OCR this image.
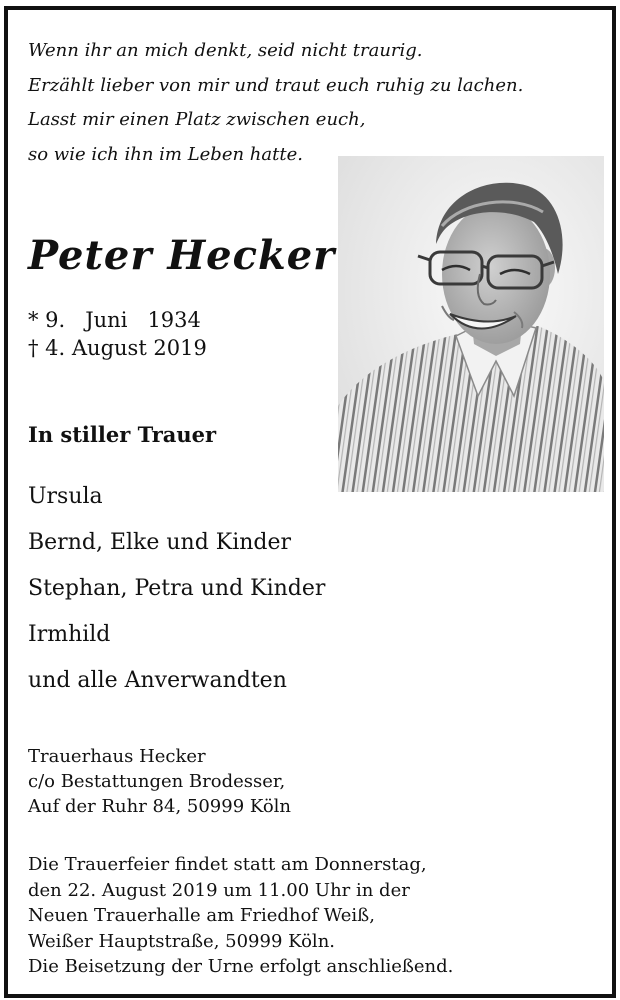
Wenn ihr an mich denkt, seid nicht traurig.
Erzählt lieber von mir und traut euch ruhig zu lachen.
Lasst mir einen Platz zwischen euch,
so wie ich ihn im Leben hatte.
Peter Hecker
* 9.   Juni   1934
† 4. August 2019
In stiller Trauer
Ursula
Bernd, Elke und Kinder
Stephan, Petra und Kinder
Irmhild
und alle Anverwandten
Trauerhaus Hecker
c/o Bestattungen Brodesser,
Auf der Ruhr 84, 50999 Köln
Die Trauerfeier findet statt am Donnerstag,
den 22. August 2019 um 11.00 Uhr in der
Neuen Trauerhalle am Friedhof Weiß,
Weißer Hauptstraße, 50999 Köln.
Die Beisetzung der Urne erfolgt anschließend.
